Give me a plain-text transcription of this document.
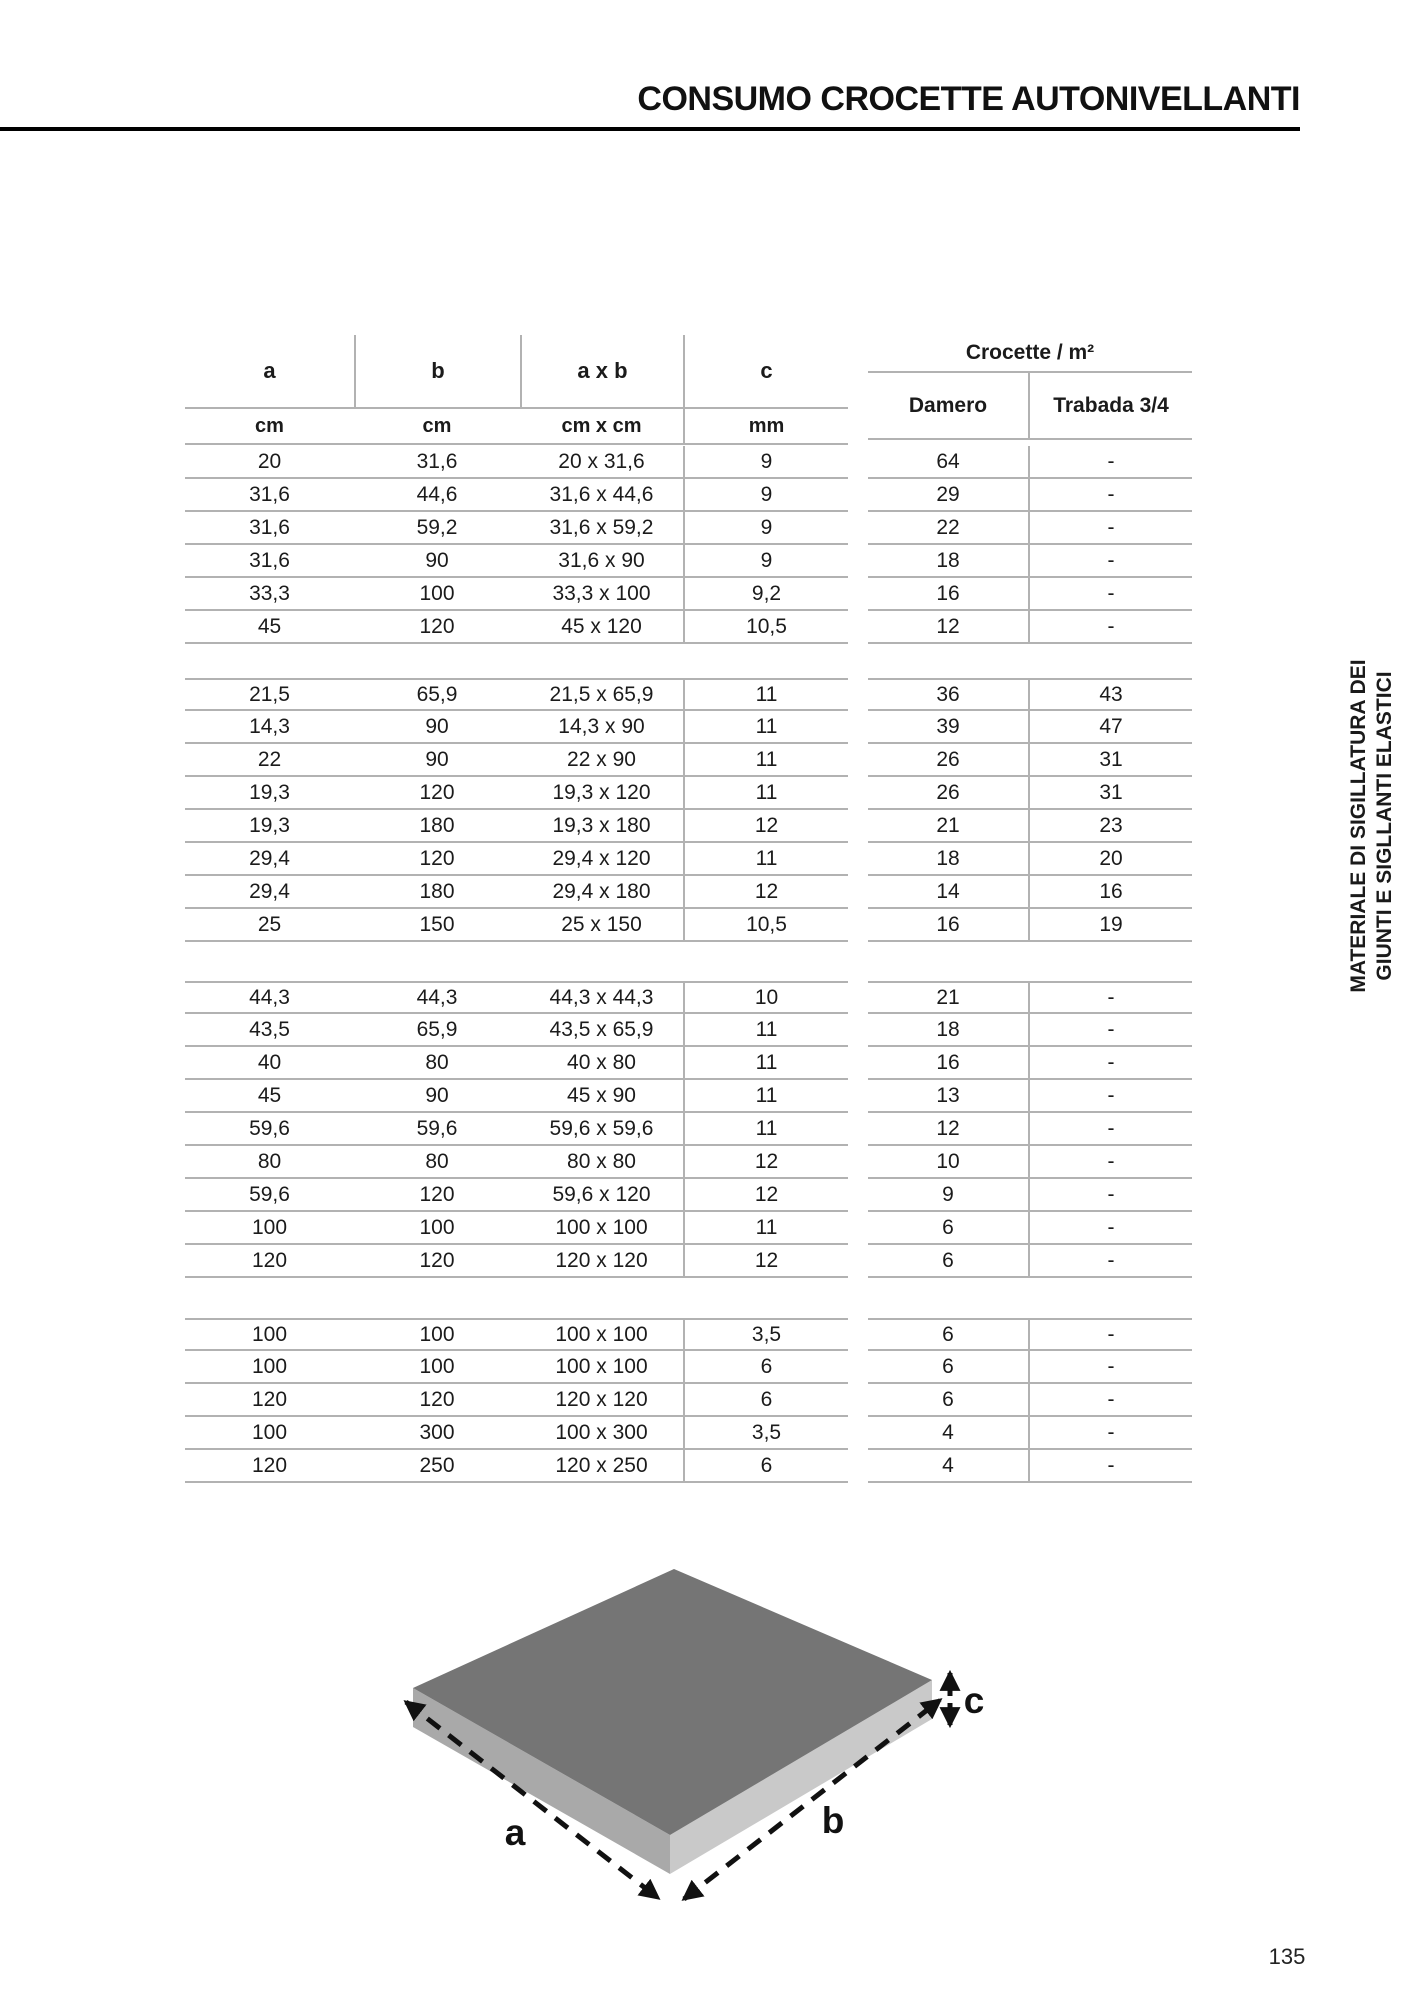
CONSUMO CROCETTE AUTONIVELLANTI
a	b	a x b	c
cm	cm	cm x cm	mm
Crocette / m²
Damero	Trabada 3/4
20	31,6	20 x 31,6	9	64	-
31,6	44,6	31,6 x 44,6	9	29	-
31,6	59,2	31,6 x 59,2	9	22	-
31,6	90	31,6 x 90	9	18	-
33,3	100	33,3 x 100	9,2	16	-
45	120	45 x 120	10,5	12	-
21,5	65,9	21,5 x 65,9	11	36	43
14,3	90	14,3 x 90	11	39	47
22	90	22 x 90	11	26	31
19,3	120	19,3 x 120	11	26	31
19,3	180	19,3 x 180	12	21	23
29,4	120	29,4 x 120	11	18	20
29,4	180	29,4 x 180	12	14	16
25	150	25 x 150	10,5	16	19
44,3	44,3	44,3 x 44,3	10	21	-
43,5	65,9	43,5 x 65,9	11	18	-
40	80	40 x 80	11	16	-
45	90	45 x 90	11	13	-
59,6	59,6	59,6 x 59,6	11	12	-
80	80	80 x 80	12	10	-
59,6	120	59,6 x 120	12	9	-
100	100	100 x 100	11	6	-
120	120	120 x 120	12	6	-
100	100	100 x 100	3,5	6	-
100	100	100 x 100	6	6	-
120	120	120 x 120	6	6	-
100	300	100 x 300	3,5	4	-
120	250	120 x 250	6	4	-
MATERIALE DI SIGILLATURA DEI GIUNTI E SIGLLANTI ELASTICI
a	b
c
135
